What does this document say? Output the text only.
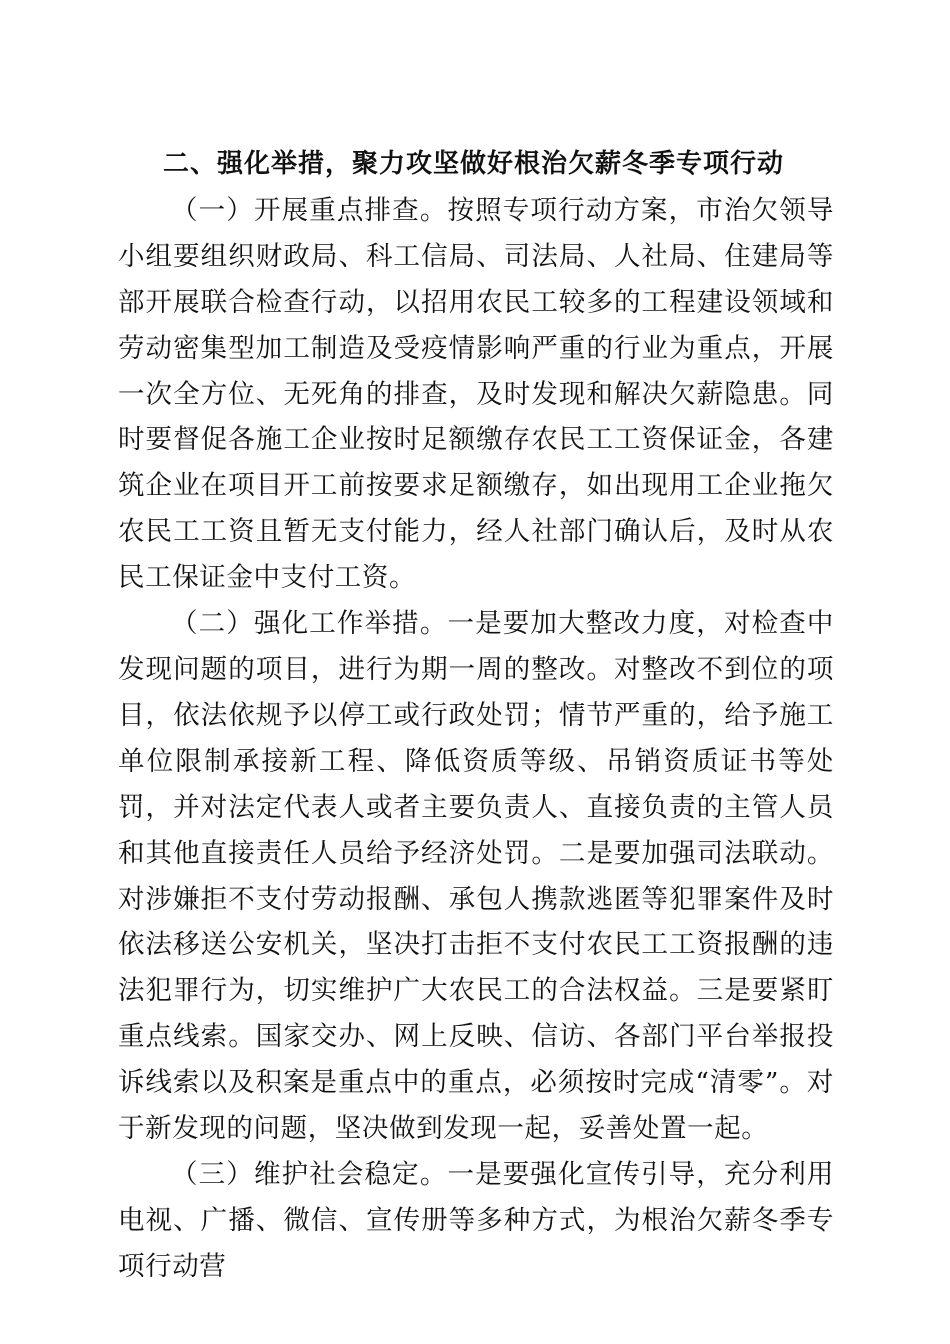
二、强化举措，聚力攻坚做好根治欠薪冬季专项行动

（一）开展重点排查。按照专项行动方案，市治欠领导小组要组织财政局、科工信局、司法局、人社局、住建局等部开展联合检查行动，以招用农民工较多的工程建设领域和劳动密集型加工制造及受疫情影响严重的行业为重点，开展一次全方位、无死角的排查，及时发现和解决欠薪隐患。同时要督促各施工企业按时足额缴存农民工工资保证金，各建筑企业在项目开工前按要求足额缴存，如出现用工企业拖欠农民工工资且暂无支付能力，经人社部门确认后，及时从农民工保证金中支付工资。

（二）强化工作举措。一是要加大整改力度，对检查中发现问题的项目，进行为期一周的整改。对整改不到位的项目，依法依规予以停工或行政处罚；情节严重的，给予施工单位限制承接新工程、降低资质等级、吊销资质证书等处罚，并对法定代表人或者主要负责人、直接负责的主管人员和其他直接责任人员给予经济处罚。二是要加强司法联动。对涉嫌拒不支付劳动报酬、承包人携款逃匿等犯罪案件及时依法移送公安机关，坚决打击拒不支付农民工工资报酬的违法犯罪行为，切实维护广大农民工的合法权益。三是要紧盯重点线索。国家交办、网上反映、信访、各部门平台举报投诉线索以及积案是重点中的重点，必须按时完成“清零”。对于新发现的问题，坚决做到发现一起，妥善处置一起。

（三）维护社会稳定。一是要强化宣传引导，充分利用电视、广播、微信、宣传册等多种方式，为根治欠薪冬季专项行动营
